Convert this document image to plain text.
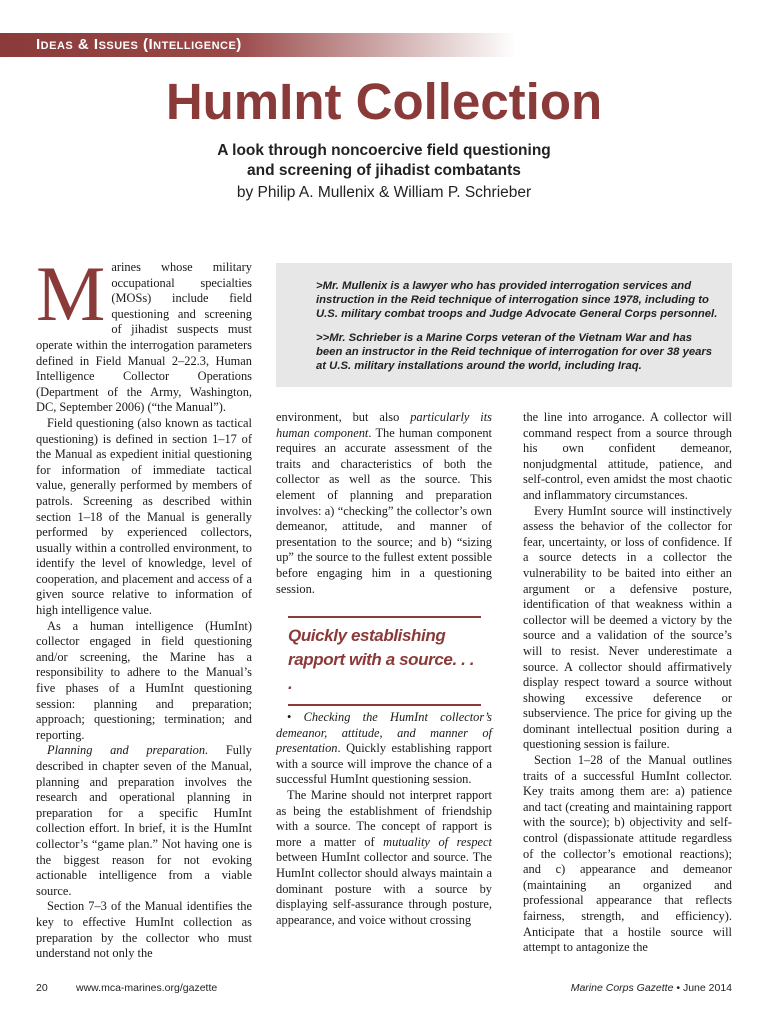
Ideas & Issues (Intelligence)
HumInt Collection
A look through noncoercive field questioning
and screening of jihadist combatants
by Philip A. Mullenix & William P. Schrieber

Marines whose military occupational specialties (MOSs) include field questioning and screening of jihadist suspects must operate within the interrogation parameters defined in Field Manual 2–22.3, Human Intelligence Collector Operations (Department of the Army, Washington, DC, September 2006) (“the Manual”).

Field questioning (also known as tactical questioning) is defined in section 1–17 of the Manual as expedient initial questioning for information of immediate tactical value, generally performed by members of patrols. Screening as described within section 1–18 of the Manual is generally performed by experienced collectors, usually within a controlled environment, to identify the level of knowledge, level of cooperation, and placement and access of a given source relative to information of high intelligence value.

As a human intelligence (HumInt) collector engaged in field questioning and/or screening, the Marine has a responsibility to adhere to the Manual’s five phases of a HumInt questioning session: planning and preparation; approach; questioning; termination; and reporting.

Planning and preparation. Fully described in chapter seven of the Manual, planning and preparation involves the research and operational planning in preparation for a specific HumInt collection effort. In brief, it is the HumInt collector’s “game plan.” Not having one is the biggest reason for not evoking actionable intelligence from a viable source.

Section 7–3 of the Manual identifies the key to effective HumInt collection as preparation by the collector who must understand not only the

>Mr. Mullenix is a lawyer who has provided interrogation services and instruction in the Reid technique of interrogation since 1978, including to U.S. military combat troops and Judge Advocate General Corps personnel.

>>Mr. Schrieber is a Marine Corps veteran of the Vietnam War and has been an instructor in the Reid technique of interrogation for over 38 years at U.S. military installations around the world, including Iraq.

environment, but also particularly its human component. The human component requires an accurate assessment of the traits and characteristics of both the collector as well as the source. This element of planning and preparation involves: a) “checking” the collector’s own demeanor, attitude, and manner of presentation to the source; and b) “sizing up” the source to the fullest extent possible before engaging him in a questioning session.

Quickly establishing rapport with a source. . . .

• Checking the HumInt collector’s demeanor, attitude, and manner of presentation. Quickly establishing rapport with a source will improve the chance of a successful HumInt questioning session.

The Marine should not interpret rapport as being the establishment of friendship with a source. The concept of rapport is more a matter of mutuality of respect between HumInt collector and source. The HumInt collector should always maintain a dominant posture with a source by displaying self-assurance through posture, appearance, and voice without crossing

the line into arrogance. A collector will command respect from a source through his own confident demeanor, nonjudgmental attitude, patience, and self-control, even amidst the most chaotic and inflammatory circumstances.

Every HumInt source will instinctively assess the behavior of the collector for fear, uncertainty, or loss of confidence. If a source detects in a collector the vulnerability to be baited into either an argument or a defensive posture, identification of that weakness within a collector will be deemed a victory by the source and a validation of the source’s will to resist. Never underestimate a source. A collector should affirmatively display respect toward a source without showing excessive deference or subservience. The price for giving up the dominant intellectual position during a questioning session is failure.

Section 1–28 of the Manual outlines traits of a successful HumInt collector. Key traits among them are: a) patience and tact (creating and maintaining rapport with the source); b) objectivity and self-control (dispassionate attitude regardless of the collector’s emotional reactions); and c) appearance and demeanor (maintaining an organized and professional appearance that reflects fairness, strength, and efficiency). Anticipate that a hostile source will attempt to antagonize the

20	www.mca-marines.org/gazette	Marine Corps Gazette • June 2014
